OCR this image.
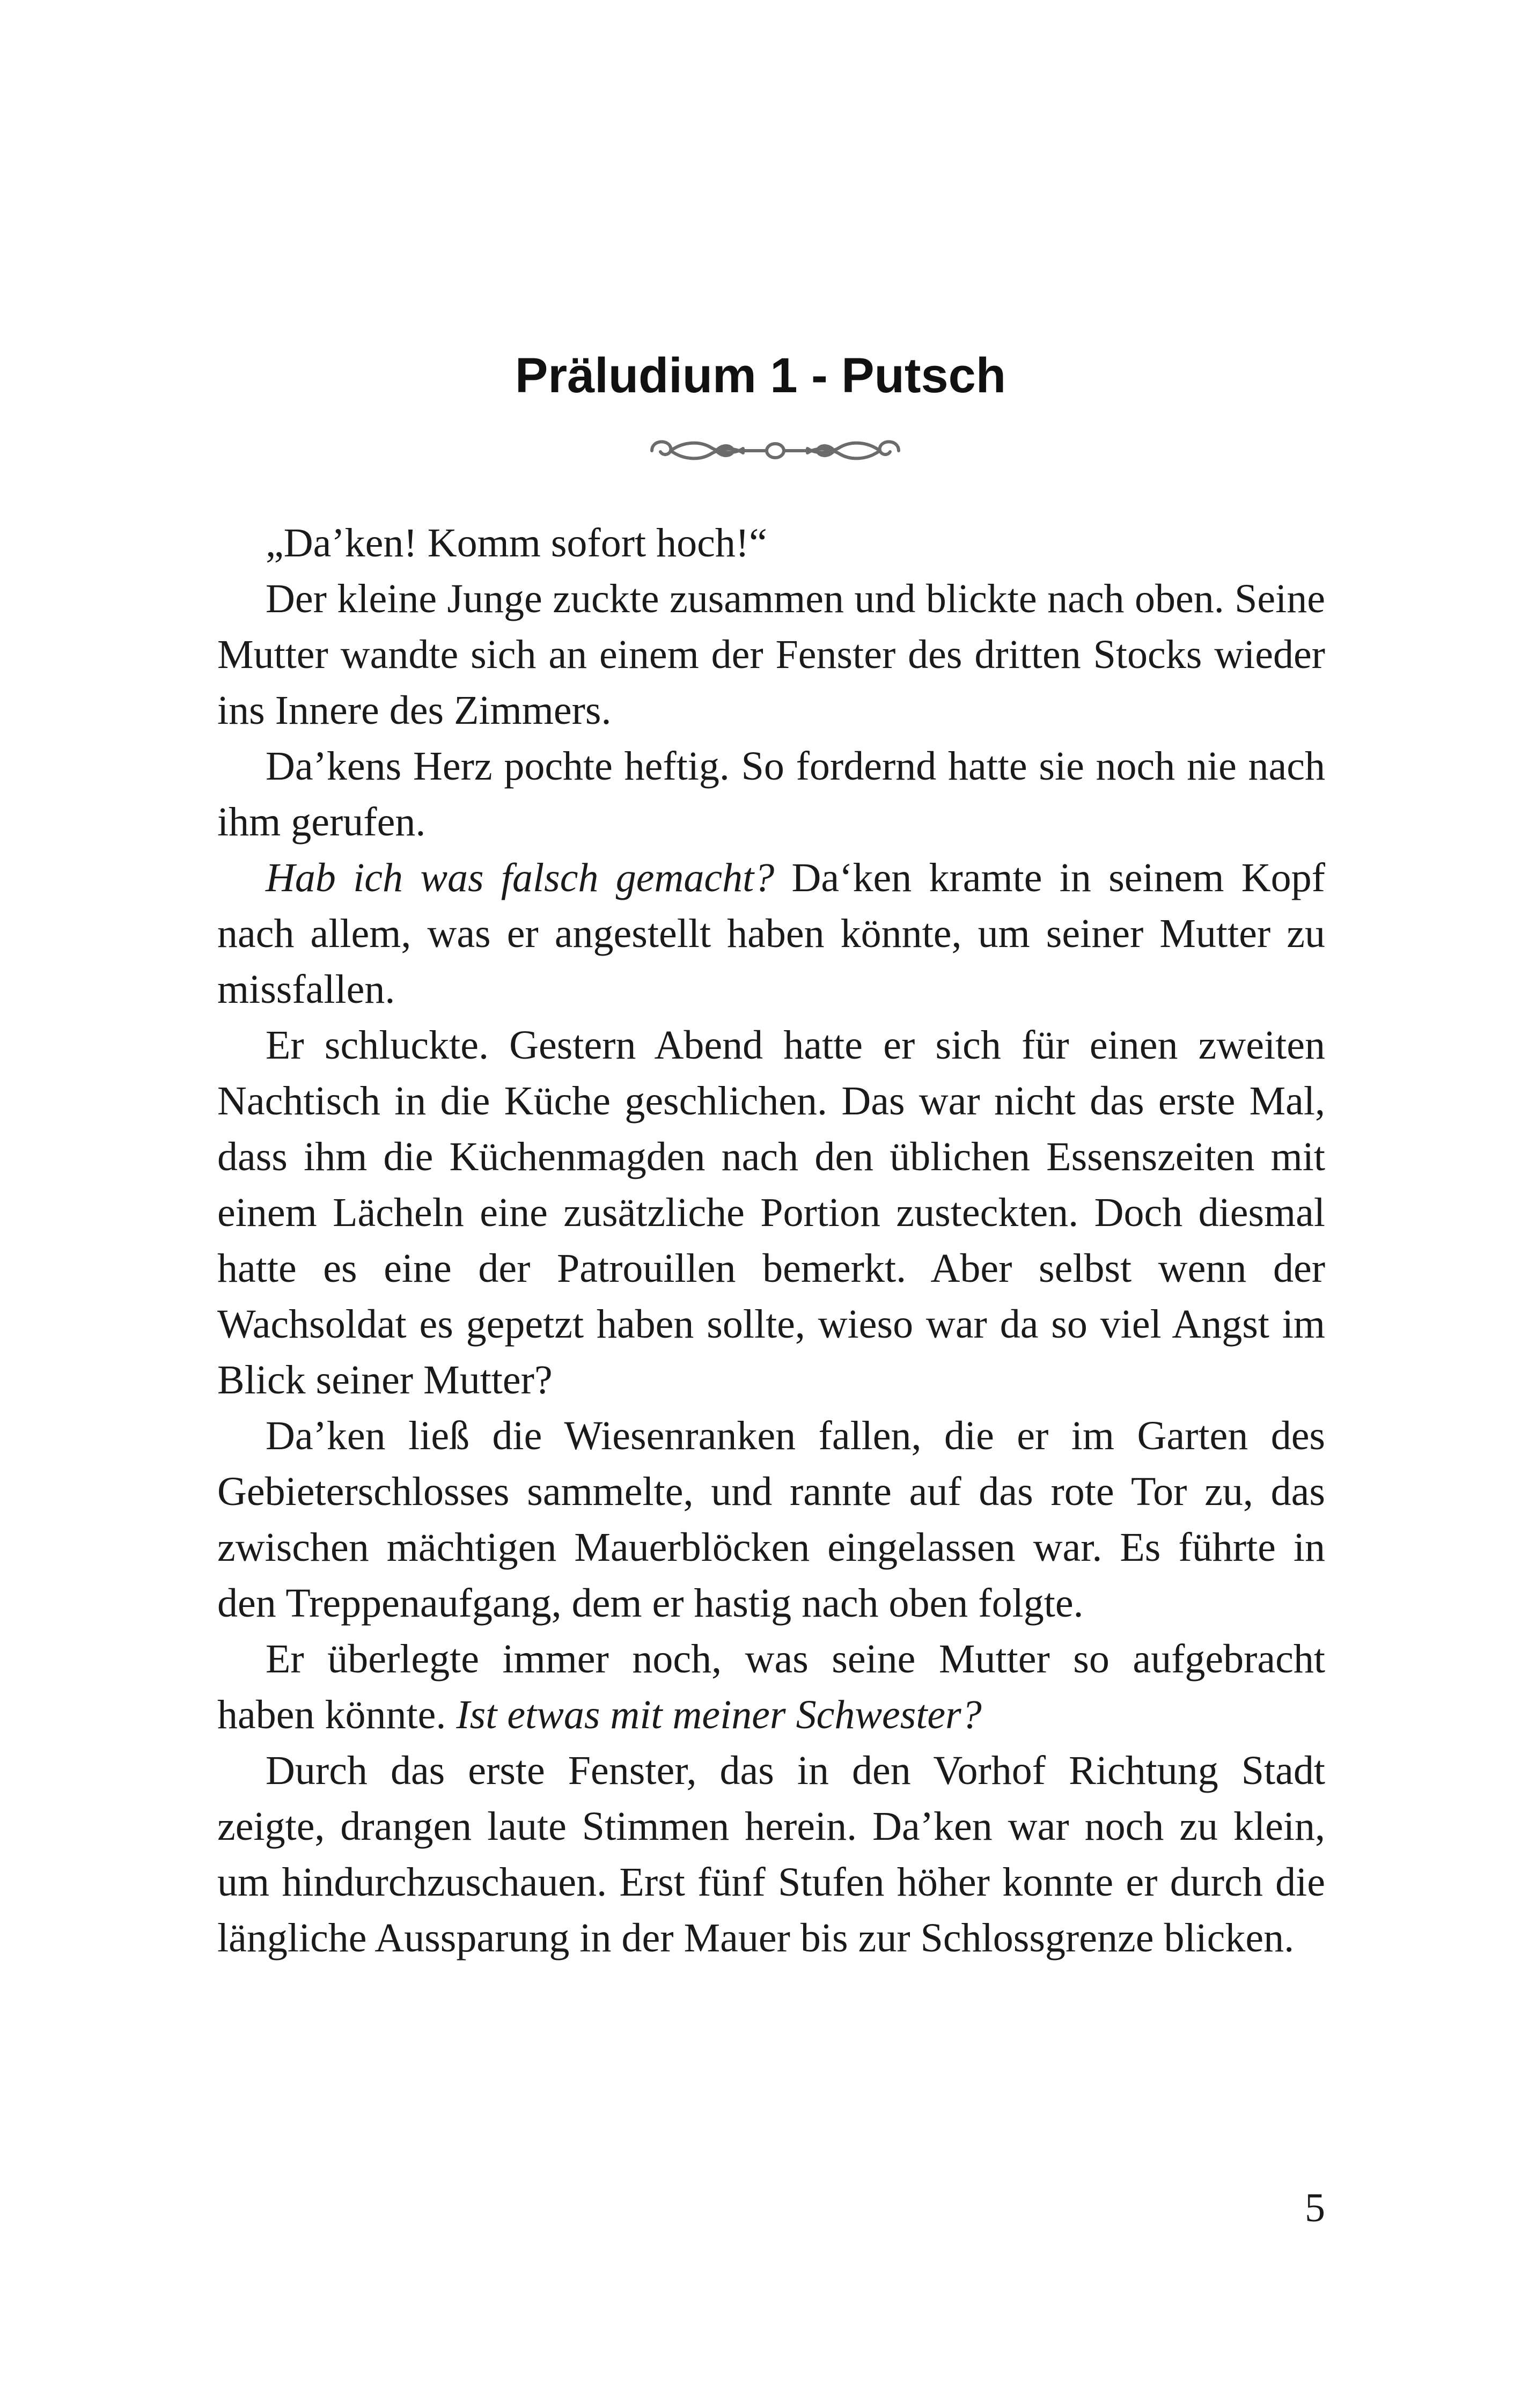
Präludium 1 - Putsch

„Da’ken! Komm sofort hoch!“

Der kleine Junge zuckte zusammen und blickte nach oben. Seine Mutter wandte sich an einem der Fenster des dritten Stocks wieder ins Innere des Zimmers.

Da’kens Herz pochte heftig. So fordernd hatte sie noch nie nach ihm gerufen.

Hab ich was falsch gemacht? Da‘ken kramte in seinem Kopf nach allem, was er angestellt haben könnte, um seiner Mutter zu missfallen.

Er schluckte. Gestern Abend hatte er sich für einen zweiten Nachtisch in die Küche geschlichen. Das war nicht das erste Mal, dass ihm die Küchenmagden nach den üblichen Essenszeiten mit einem Lächeln eine zusätzliche Portion zusteckten. Doch diesmal hatte es eine der Patrouillen bemerkt. Aber selbst wenn der Wachsoldat es gepetzt haben sollte, wieso war da so viel Angst im Blick seiner Mutter?

Da’ken ließ die Wiesenranken fallen, die er im Garten des Gebieterschlosses sammelte, und rannte auf das rote Tor zu, das zwischen mächtigen Mauerblöcken eingelassen war. Es führte in den Treppenaufgang, dem er hastig nach oben folgte.

Er überlegte immer noch, was seine Mutter so aufgebracht haben könnte. Ist etwas mit meiner Schwester?

Durch das erste Fenster, das in den Vorhof Richtung Stadt zeigte, drangen laute Stimmen herein. Da’ken war noch zu klein, um hindurchzuschauen. Erst fünf Stufen höher konnte er durch die längliche Aussparung in der Mauer bis zur Schlossgrenze blicken.

5
